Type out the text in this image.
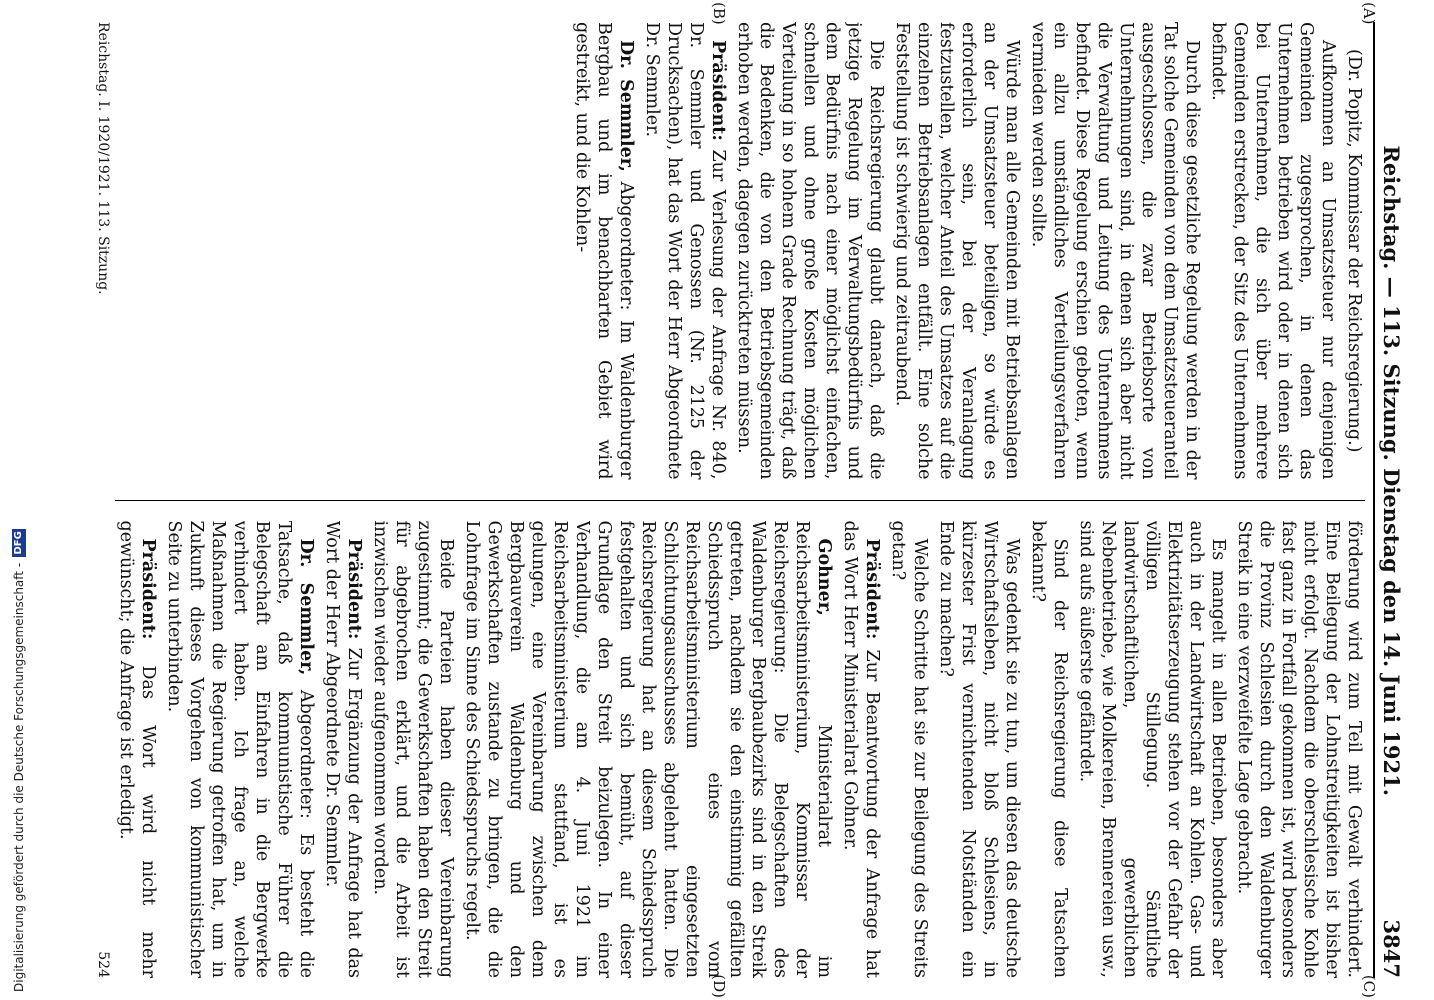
Digitalisierung gefördert durch die Deutsche Forschungsgemeinschaft -
DFG	Reichstag. — 113. Sitzung. Dienstag den 14. Juni 1921.
3847

(Dr. Popitz, Kommissar der Reichsregierung.)

Aufkommen an Umsatzsteuer nur denjenigen Gemeinden zugesprochen, in denen das Unternehmen betrieben wird oder in denen sich bei Unternehmen, die sich über mehrere Gemeinden erstrecken, der Sitz des Unternehmens befindet.

Durch diese gesetzliche Regelung werden in der Tat solche Gemeinden von dem Umsatzsteueranteil ausgeschlossen, die zwar Betriebsorte von Unternehmungen sind, in denen sich aber nicht die Verwaltung und Leitung des Unternehmens befindet. Diese Regelung erschien geboten, wenn ein allzu umständliches Verteilungsverfahren vermieden werden sollte.

Würde man alle Gemeinden mit Betriebsanlagen an der Umsatzsteuer beteiligen, so würde es erforderlich sein, bei der Veranlagung festzustellen, welcher Anteil des Umsatzes auf die einzelnen Betriebsanlagen entfällt. Eine solche Feststellung ist schwierig und zeitraubend.

Die Reichsregierung glaubt danach, daß die jetzige Regelung im Verwaltungsbedürfnis und dem Bedürfnis nach einer möglichst einfachen, schnellen und ohne große Kosten möglichen Verteilung in so hohem Grade Rechnung trägt, daß die Bedenken, die von den Betriebsgemeinden erhoben werden, dagegen zurücktreten müssen.

Präsident: Zur Verlesung der Anfrage Nr. 840, Dr. Semmler und Genossen (Nr. 2125 der Drucksachen), hat das Wort der Herr Abgeordnete Dr. Semmler.

Dr. Semmler, Abgeordneter: Im Waldenburger Bergbau und im benachbarten Gebiet wird gestreikt, und die Kohlen-

förderung wird zum Teil mit Gewalt verhindert. Eine Beilegung der Lohnstreitigkeiten ist bisher nicht erfolgt. Nachdem die oberschlesische Kohle fast ganz in Fortfall gekommen ist, wird besonders die Provinz Schlesien durch den Waldenburger Streik in eine verzweifelte Lage gebracht.

Es mangelt in allen Betrieben, besonders aber auch in der Landwirtschaft an Kohlen. Gas- und Elektrizitätserzeugung stehen vor der Gefahr der völligen Stillegung. Sämtliche landwirtschaftlichen, gewerblichen Nebenbetriebe, wie Molkereien, Brennereien usw., sind aufs äußerste gefährdet.

Sind der Reichsregierung diese Tatsachen bekannt?

Was gedenkt sie zu tun, um diesen das deutsche Wirtschaftsleben, nicht bloß Schlesiens, in kürzester Frist vernichtenden Notständen ein Ende zu machen?

Welche Schritte hat sie zur Beilegung des Streits getan?

Präsident: Zur Beantwortung der Anfrage hat das Wort Herr Ministerialrat Gohner.

Gohner, Ministerialrat im Reichsarbeitsministerium, Kommissar der Reichsregierung: Die Belegschaften des Waldenburger Bergbaubezirks sind in den Streik getreten, nachdem sie den einstimmig gefällten Schiedsspruch eines vom Reichsarbeitsministerium eingesetzten Schlichtungsausschusses abgelehnt hatten. Die Reichsregierung hat an diesem Schiedsspruch festgehalten und sich bemüht, auf dieser Grundlage den Streit beizulegen. In einer Verhandlung, die am 4. Juni 1921 im Reichsarbeitsministerium stattfand, ist es gelungen, eine Vereinbarung zwischen dem Bergbauverein Waldenburg und den Gewerkschaften zustande zu bringen, die die Lohnfrage im Sinne des Schiedsspruchs regelt.

Beide Parteien haben dieser Vereinbarung zugestimmt; die Gewerkschaften haben den Streit für abgebrochen erklärt, und die Arbeit ist inzwischen wieder aufgenommen worden.

Präsident: Zur Ergänzung der Anfrage hat das Wort der Herr Abgeordnete Dr. Semmler.

Dr. Semmler, Abgeordneter: Es besteht die Tatsache, daß kommunistische Führer die Belegschaft am Einfahren in die Bergwerke verhindert haben. Ich frage an, welche Maßnahmen die Regierung getroffen hat, um in Zukunft dieses Vorgehen von kommunistischer Seite zu unterbinden.

Präsident: Das Wort wird nicht mehr gewünscht; die Anfrage ist erledigt.

Reichstag. I. 1920/1921. 113. Sitzung.
524
(A)
(B)
(C)
(D)
